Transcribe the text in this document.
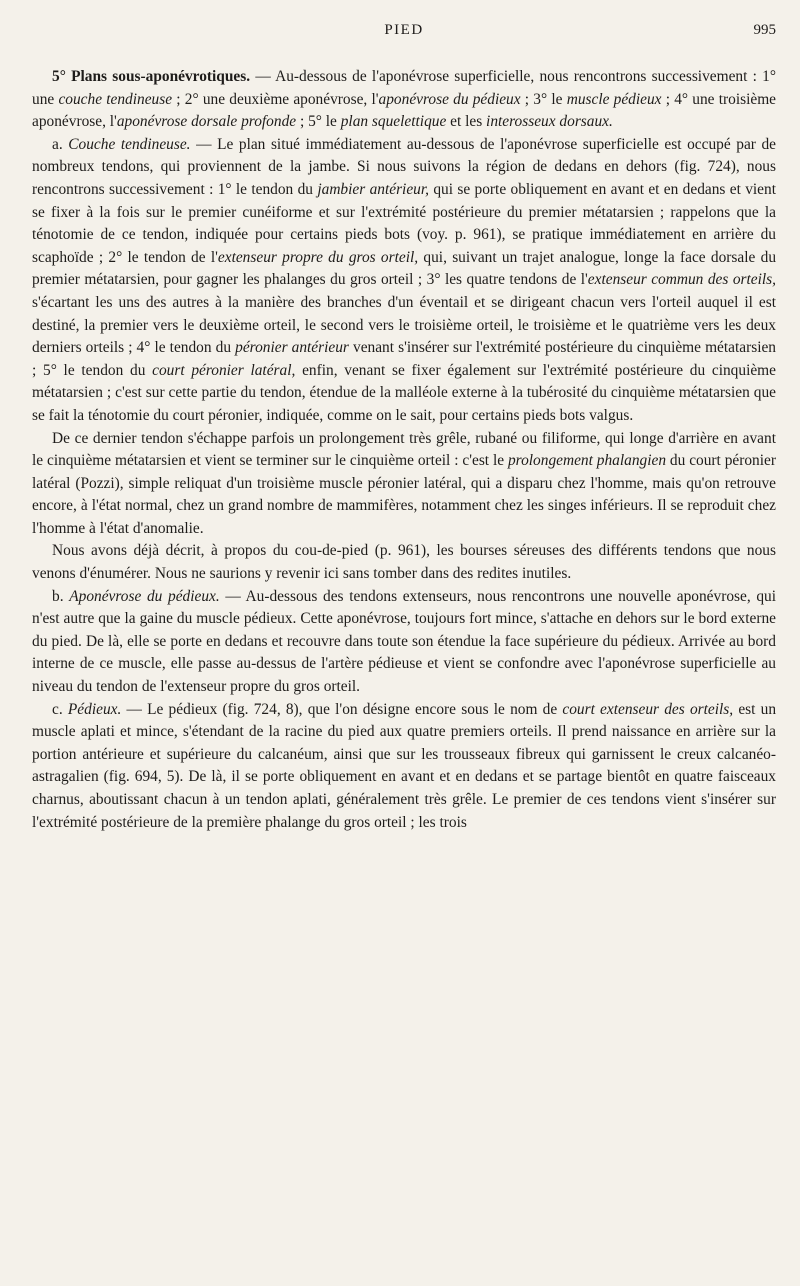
PIED	995

5° Plans sous-aponévrotiques. — Au-dessous de l'aponévrose superficielle, nous rencontrons successivement : 1° une couche tendineuse ; 2° une deuxième aponévrose, l'aponévrose du pédieux ; 3° le muscle pédieux ; 4° une troisième aponévrose, l'aponévrose dorsale profonde ; 5° le plan squelettique et les interosseux dorsaux.

a. Couche tendineuse. — Le plan situé immédiatement au-dessous de l'aponévrose superficielle est occupé par de nombreux tendons, qui proviennent de la jambe. Si nous suivons la région de dedans en dehors (fig. 724), nous rencontrons successivement : 1° le tendon du jambier antérieur, qui se porte obliquement en avant et en dedans et vient se fixer à la fois sur le premier cunéiforme et sur l'extrémité postérieure du premier métatarsien ; rappelons que la ténotomie de ce tendon, indiquée pour certains pieds bots (voy. p. 961), se pratique immédiatement en arrière du scaphoïde ; 2° le tendon de l'extenseur propre du gros orteil, qui, suivant un trajet analogue, longe la face dorsale du premier métatarsien, pour gagner les phalanges du gros orteil ; 3° les quatre tendons de l'extenseur commun des orteils, s'écartant les uns des autres à la manière des branches d'un éventail et se dirigeant chacun vers l'orteil auquel il est destiné, la premier vers le deuxième orteil, le second vers le troisième orteil, le troisième et le quatrième vers les deux derniers orteils ; 4° le tendon du péronier antérieur venant s'insérer sur l'extrémité postérieure du cinquième métatarsien ; 5° le tendon du court péronier latéral, enfin, venant se fixer également sur l'extrémité postérieure du cinquième métatarsien ; c'est sur cette partie du tendon, étendue de la malléole externe à la tubérosité du cinquième métatarsien que se fait la ténotomie du court péronier, indiquée, comme on le sait, pour certains pieds bots valgus.

De ce dernier tendon s'échappe parfois un prolongement très grêle, rubané ou filiforme, qui longe d'arrière en avant le cinquième métatarsien et vient se terminer sur le cinquième orteil : c'est le prolongement phalangien du court péronier latéral (Pozzi), simple reliquat d'un troisième muscle péronier latéral, qui a disparu chez l'homme, mais qu'on retrouve encore, à l'état normal, chez un grand nombre de mammifères, notamment chez les singes inférieurs. Il se reproduit chez l'homme à l'état d'anomalie.

Nous avons déjà décrit, à propos du cou-de-pied (p. 961), les bourses séreuses des différents tendons que nous venons d'énumérer. Nous ne saurions y revenir ici sans tomber dans des redites inutiles.

b. Aponévrose du pédieux. — Au-dessous des tendons extenseurs, nous rencontrons une nouvelle aponévrose, qui n'est autre que la gaine du muscle pédieux. Cette aponévrose, toujours fort mince, s'attache en dehors sur le bord externe du pied. De là, elle se porte en dedans et recouvre dans toute son étendue la face supérieure du pédieux. Arrivée au bord interne de ce muscle, elle passe au-dessus de l'artère pédieuse et vient se confondre avec l'aponévrose superficielle au niveau du tendon de l'extenseur propre du gros orteil.

c. Pédieux. — Le pédieux (fig. 724, 8), que l'on désigne encore sous le nom de court extenseur des orteils, est un muscle aplati et mince, s'étendant de la racine du pied aux quatre premiers orteils. Il prend naissance en arrière sur la portion antérieure et supérieure du calcanéum, ainsi que sur les trousseaux fibreux qui garnissent le creux calcanéo-astragalien (fig. 694, 5). De là, il se porte obliquement en avant et en dedans et se partage bientôt en quatre faisceaux charnus, aboutissant chacun à un tendon aplati, généralement très grêle. Le premier de ces tendons vient s'insérer sur l'extrémité postérieure de la première phalange du gros orteil ; les trois
